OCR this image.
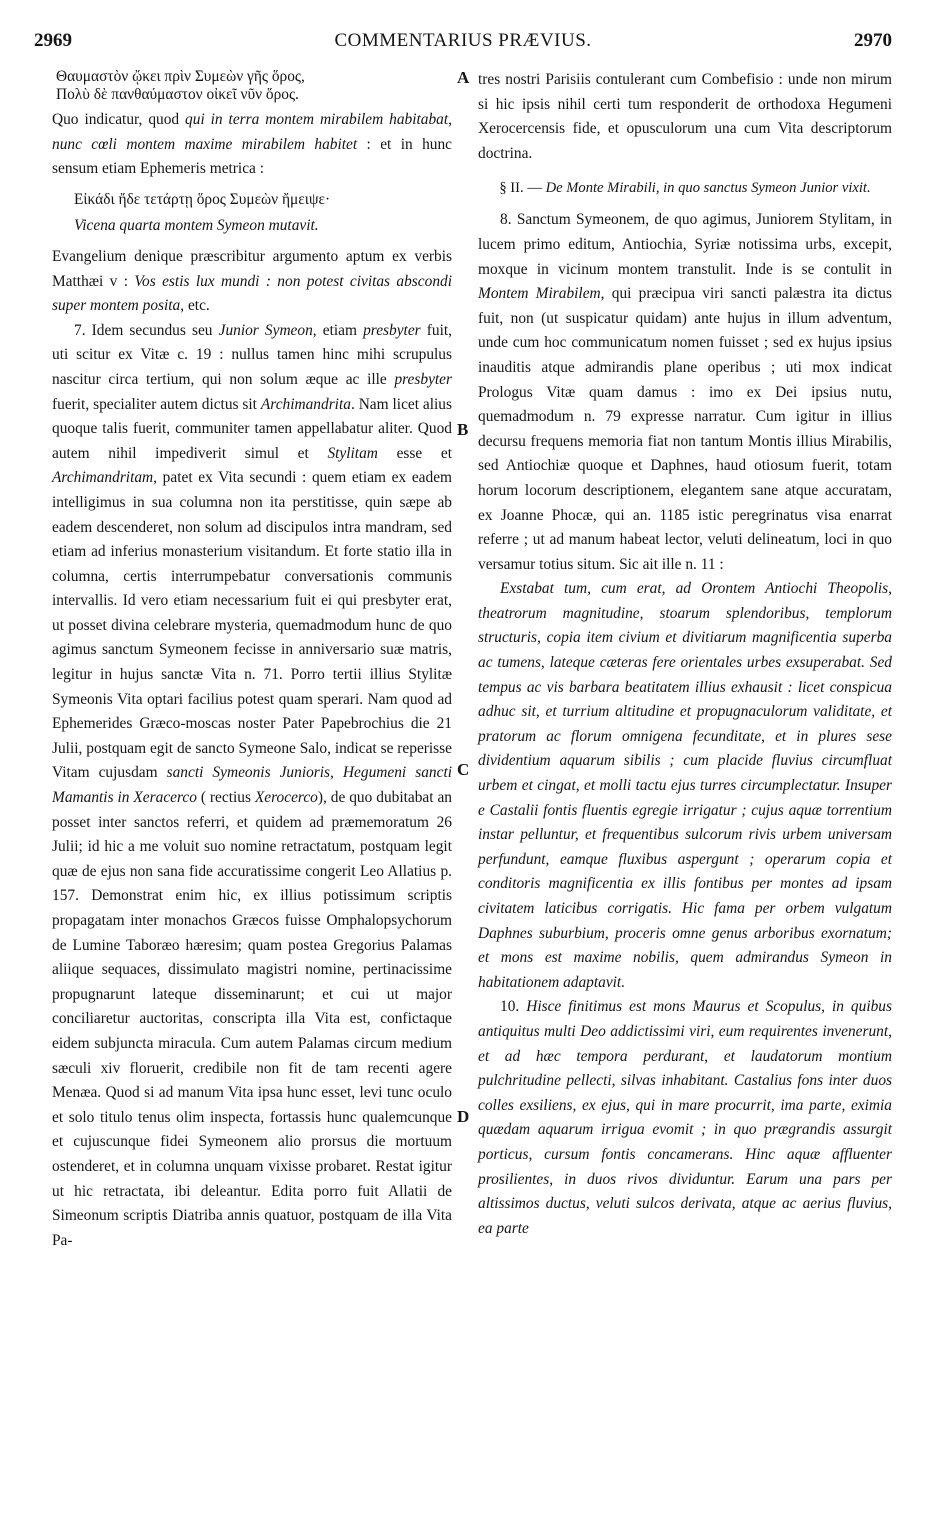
2969	COMMENTARIUS PRÆVIUS.	2970
A
B
C
D

Θαυμαστὸν ᾤκει πρὶν Συμεὼν γῆς ὅρος,

Πολὺ δὲ πανθαύμαστον οἰκεῖ νῦν ὅρος.

Quo indicatur, quod qui in terra montem mirabilem habitabat, nunc cœli montem maxime mirabilem habitet : et in hunc sensum etiam Ephemeris metrica :

Εἰκάδι ἤδε τετάρτῃ ὅρος Συμεὼν ἤμειψε·

Vicena quarta montem Symeon mutavit.

Evangelium denique præscribitur argumento aptum ex verbis Matthæi v : Vos estis lux mundi : non potest civitas abscondi super montem posita, etc.

7. Idem secundus seu Junior Symeon, etiam presbyter fuit, uti scitur ex Vitæ c. 19 : nullus tamen hinc mihi scrupulus nascitur circa tertium, qui non solum æque ac ille presbyter fuerit, specialiter autem dictus sit Archimandrita. Nam licet alius quoque talis fuerit, communiter tamen appellabatur aliter. Quod autem nihil impediverit simul et Stylitam esse et Archimandritam, patet ex Vita secundi : quem etiam ex eadem intelligimus in sua columna non ita perstitisse, quin sæpe ab eadem descenderet, non solum ad discipulos intra mandram, sed etiam ad inferius monasterium visitandum. Et forte statio illa in columna, certis interrumpebatur conversationis communis intervallis. Id vero etiam necessarium fuit ei qui presbyter erat, ut posset divina celebrare mysteria, quemadmodum hunc de quo agimus sanctum Symeonem fecisse in anniversario suæ matris, legitur in hujus sanctæ Vita n. 71. Porro tertii illius Stylitæ Symeonis Vita optari facilius potest quam sperari. Nam quod ad Ephemerides Græco-moscas noster Pater Papebrochius die 21 Julii, postquam egit de sancto Symeone Salo, indicat se reperisse Vitam cujusdam sancti Symeonis Junioris, Hegumeni sancti Mamantis in Xeracerco ( rectius Xerocerco), de quo dubitabat an posset inter sanctos referri, et quidem ad præmemoratum 26 Julii; id hic a me voluit suo nomine retractatum, postquam legit quæ de ejus non sana fide accuratissime congerit Leo Allatius p. 157. Demonstrat enim hic, ex illius potissimum scriptis propagatam inter monachos Græcos fuisse Omphalopsychorum de Lumine Taboræo hæresim; quam postea Gregorius Palamas aliique sequaces, dissimulato magistri nomine, pertinacissime propugnarunt lateque disseminarunt; et cui ut major conciliaretur auctoritas, conscripta illa Vita est, confictaque eidem subjuncta miracula. Cum autem Palamas circum medium sæculi xiv floruerit, credibile non fit de tam recenti agere Menæa. Quod si ad manum Vita ipsa hunc esset, levi tunc oculo et solo titulo tenus olim inspecta, fortassis hunc qualemcunque et cujuscunque fidei Symeonem alio prorsus die mortuum ostenderet, et in columna unquam vixisse probaret. Restat igitur ut hic retractata, ibi deleantur. Edita porro fuit Allatii de Simeonum scriptis Diatriba annis quatuor, postquam de illa Vita Pa-

tres nostri Parisiis contulerant cum Combefisio : unde non mirum si hic ipsis nihil certi tum responderit de orthodoxa Hegumeni Xerocercensis fide, et opusculorum una cum Vita descriptorum doctrina.

§ II. — De Monte Mirabili, in quo sanctus Symeon Junior vixit.

8. Sanctum Symeonem, de quo agimus, Juniorem Stylitam, in lucem primo editum, Antiochia, Syriæ notissima urbs, excepit, moxque in vicinum montem transtulit. Inde is se contulit in Montem Mirabilem, qui præcipua viri sancti palæstra ita dictus fuit, non (ut suspicatur quidam) ante hujus in illum adventum, unde cum hoc communicatum nomen fuisset ; sed ex hujus ipsius inauditis atque admirandis plane operibus ; uti mox indicat Prologus Vitæ quam damus : imo ex Dei ipsius nutu, quemadmodum n. 79 expresse narratur. Cum igitur in illius decursu frequens memoria fiat non tantum Montis illius Mirabilis, sed Antiochiæ quoque et Daphnes, haud otiosum fuerit, totam horum locorum descriptionem, elegantem sane atque accuratam, ex Joanne Phocæ, qui an. 1185 istic peregrinatus visa enarrat referre ; ut ad manum habeat lector, veluti delineatum, loci in quo versamur totius situm. Sic ait ille n. 11 :

Exstabat tum, cum erat, ad Orontem Antiochi Theopolis, theatrorum magnitudine, stoarum splendoribus, templorum structuris, copia item civium et divitiarum magnificentia superba ac tumens, lateque cæteras fere orientales urbes exsuperabat. Sed tempus ac vis barbara beatitatem illius exhausit : licet conspicua adhuc sit, et turrium altitudine et propugnaculorum validitate, et pratorum ac florum omnigena fecunditate, et in plures sese dividentium aquarum sibilis ; cum placide fluvius circumfluat urbem et cingat, et molli tactu ejus turres circumplectatur. Insuper e Castalii fontis fluentis egregie irrigatur ; cujus aquæ torrentium instar pelluntur, et frequentibus sulcorum rivis urbem universam perfundunt, eamque fluxibus aspergunt ; operarum copia et conditoris magnificentia ex illis fontibus per montes ad ipsam civitatem laticibus corrigatis. Hic fama per orbem vulgatum Daphnes suburbium, proceris omne genus arboribus exornatum; et mons est maxime nobilis, quem admirandus Symeon in habitationem adaptavit.

10. Hisce finitimus est mons Maurus et Scopulus, in quibus antiquitus multi Deo addictissimi viri, eum requirentes invenerunt, et ad hæc tempora perdurant, et laudatorum montium pulchritudine pellecti, silvas inhabitant. Castalius fons inter duos colles exsiliens, ex ejus, qui in mare procurrit, ima parte, eximia quædam aquarum irrigua evomit ; in quo prægrandis assurgit porticus, cursum fontis concamerans. Hinc aquæ affluenter prosilientes, in duos rivos dividuntur. Earum una pars per altissimos ductus, veluti sulcos derivata, atque ac aerius fluvius, ea parte
